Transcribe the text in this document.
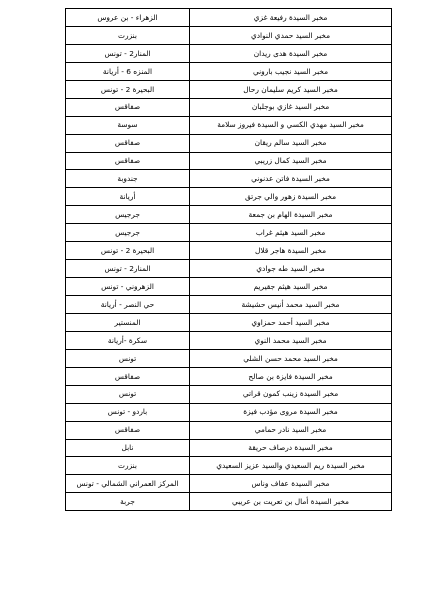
مخبر السيدة رفيعة غزي	الزهراء - بن عروس
مخبر السيد حمدي النوادي	بنزرت
مخبر السيدة هدى ريدان	المنار2 - تونس
مخبر السيد نجيب باروني	المنزه 6 - أريانة
مخبر السيد كريم سليمان رحال	البحيرة 2 - تونس
مخبر السيد غازي بوجلبان	صفاقس
مخبر السيد مهدي الكسي و السيدة فيروز سلامة	سوسة
مخبر السيد سالم ريقان	صفاقس
مخبر السيد كمال زريبي	صفاقس
مخبر السيدة فاتن عدنوني	جندوبة
مخبر السيدة زهور والي جرتق	أريانة
مخبر السيدة الهام بن جمعة	جرجيس
مخبر السيد هيثم غراب	جرجيس
مخبر السيدة هاجر قلال	البحيرة 2 - تونس
مخبر السيد طه جوادي	المنار2 - تونس
مخبر السيد هيثم جقيريم	الزهروني - تونس
مخبر السيد محمد أنيس حشيشة	حي النصر - أريانة
مخبر السيد أحمد حمزاوي	المنستير
مخبر السيد محمد النوي	سكرة -أريانة
مخبر السيد محمد حسن الشلي	تونس
مخبر السيدة فايزة بن صالح	صفاقس
مخبر السيدة زينب كمون قراتي	تونس
مخبر السيدة مروى مؤدب فيزة	باردو - تونس
مخبر السيد نادر حمامي	صفاقس
مخبر السيدة درصاف حريقة	نابل
مخبر السيدة ريم السعيدي والسيد عزيز السعيدي	بنزرت
مخبر السيدة عفاف وناس	المركز العمراني الشمالي - تونس
مخبر السيدة أمال بن تعريت بن عريبي	جربة
